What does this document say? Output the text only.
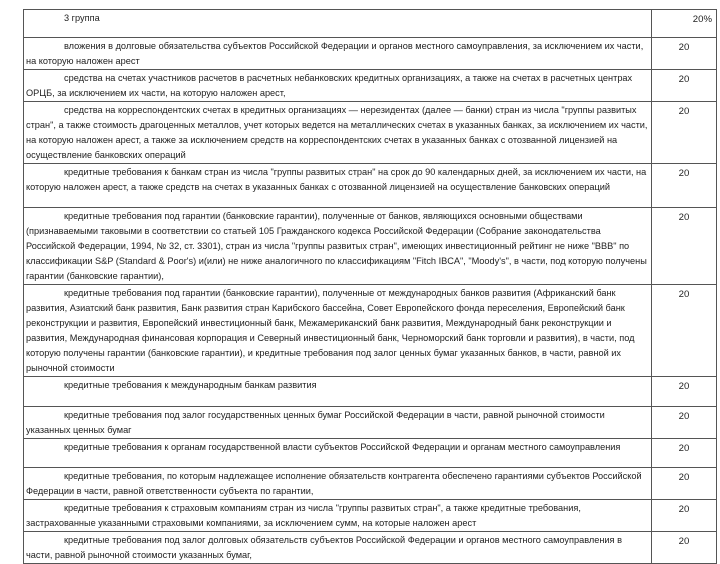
3 группа	20%
вложения в долговые обязательства субъектов Российской Федерации и органов местного самоуправления, за исключением их части, на которую наложен арест	20
средства на счетах участников расчетов в расчетных небанковских кредитных организациях, а также на счетах в расчетных центрах ОРЦБ, за исключением их части, на которую наложен арест,	20
средства на корреспондентских счетах в кредитных организациях — нерезидентах (далее — банки) стран из числа "группы развитых стран", а также стоимость драгоценных металлов, учет которых ведется на металлических счетах в указанных банках, за исключением их части, на которую наложен арест, а также за исключением средств на корреспондентских счетах в указанных банках с отозванной лицензией на осуществление банковских операций	20
кредитные требования к банкам стран из числа "группы развитых стран" на срок до 90 календарных дней, за исключением их части, на которую наложен арест, а также средств на счетах в указанных банках с отозванной лицензией на осуществление банковских операций	20
кредитные требования под гарантии (банковские гарантии), полученные от банков, являющихся основными обществами (признаваемыми таковыми в соответствии со статьей 105 Гражданского кодекса Российской Федерации (Собрание законодательства Российской Федерации, 1994, № 32, ст. 3301), стран из числа "группы развитых стран", имеющих инвестиционный рейтинг не ниже "BBB" по классификации S&P (Standard & Poor's) и(или) не ниже аналогичного по классификациям "Fitch IBCA", "Moody's", в части, под которую получены гарантии (банковские гарантии),	20
кредитные требования под гарантии (банковские гарантии), полученные от международных банков развития (Африканский банк развития, Азиатский банк развития, Банк развития стран Карибского бассейна, Совет Европейского фонда переселения, Европейский банк реконструкции и развития, Европейский инвестиционный банк, Межамериканский банк развития, Международный банк реконструкции и развития, Международная финансовая корпорация и Северный инвестиционный банк, Черноморский банк торговли и развития), в части, под которую получены гарантии (банковские гарантии), и кредитные требования под залог ценных бумаг указанных банков, в части, равной их рыночной стоимости	20
кредитные требования к международным банкам развития	20
кредитные требования под залог государственных ценных бумаг Российской Федерации в части, равной рыночной стоимости указанных ценных бумаг	20
кредитные требования к органам государственной власти субъектов Российской Федерации и органам местного самоуправления	20
кредитные требования, по которым надлежащее исполнение обязательств контрагента обеспечено гарантиями субъектов Российской Федерации в части, равной ответственности субъекта по гарантии,	20
кредитные требования к страховым компаниям стран из числа "группы развитых стран", а также кредитные требования, застрахованные указанными страховыми компаниями, за исключением сумм, на которые наложен арест	20
кредитные требования под залог долговых обязательств субъектов Российской Федерации и органов местного самоуправления в части, равной рыночной стоимости указанных бумаг,	20
